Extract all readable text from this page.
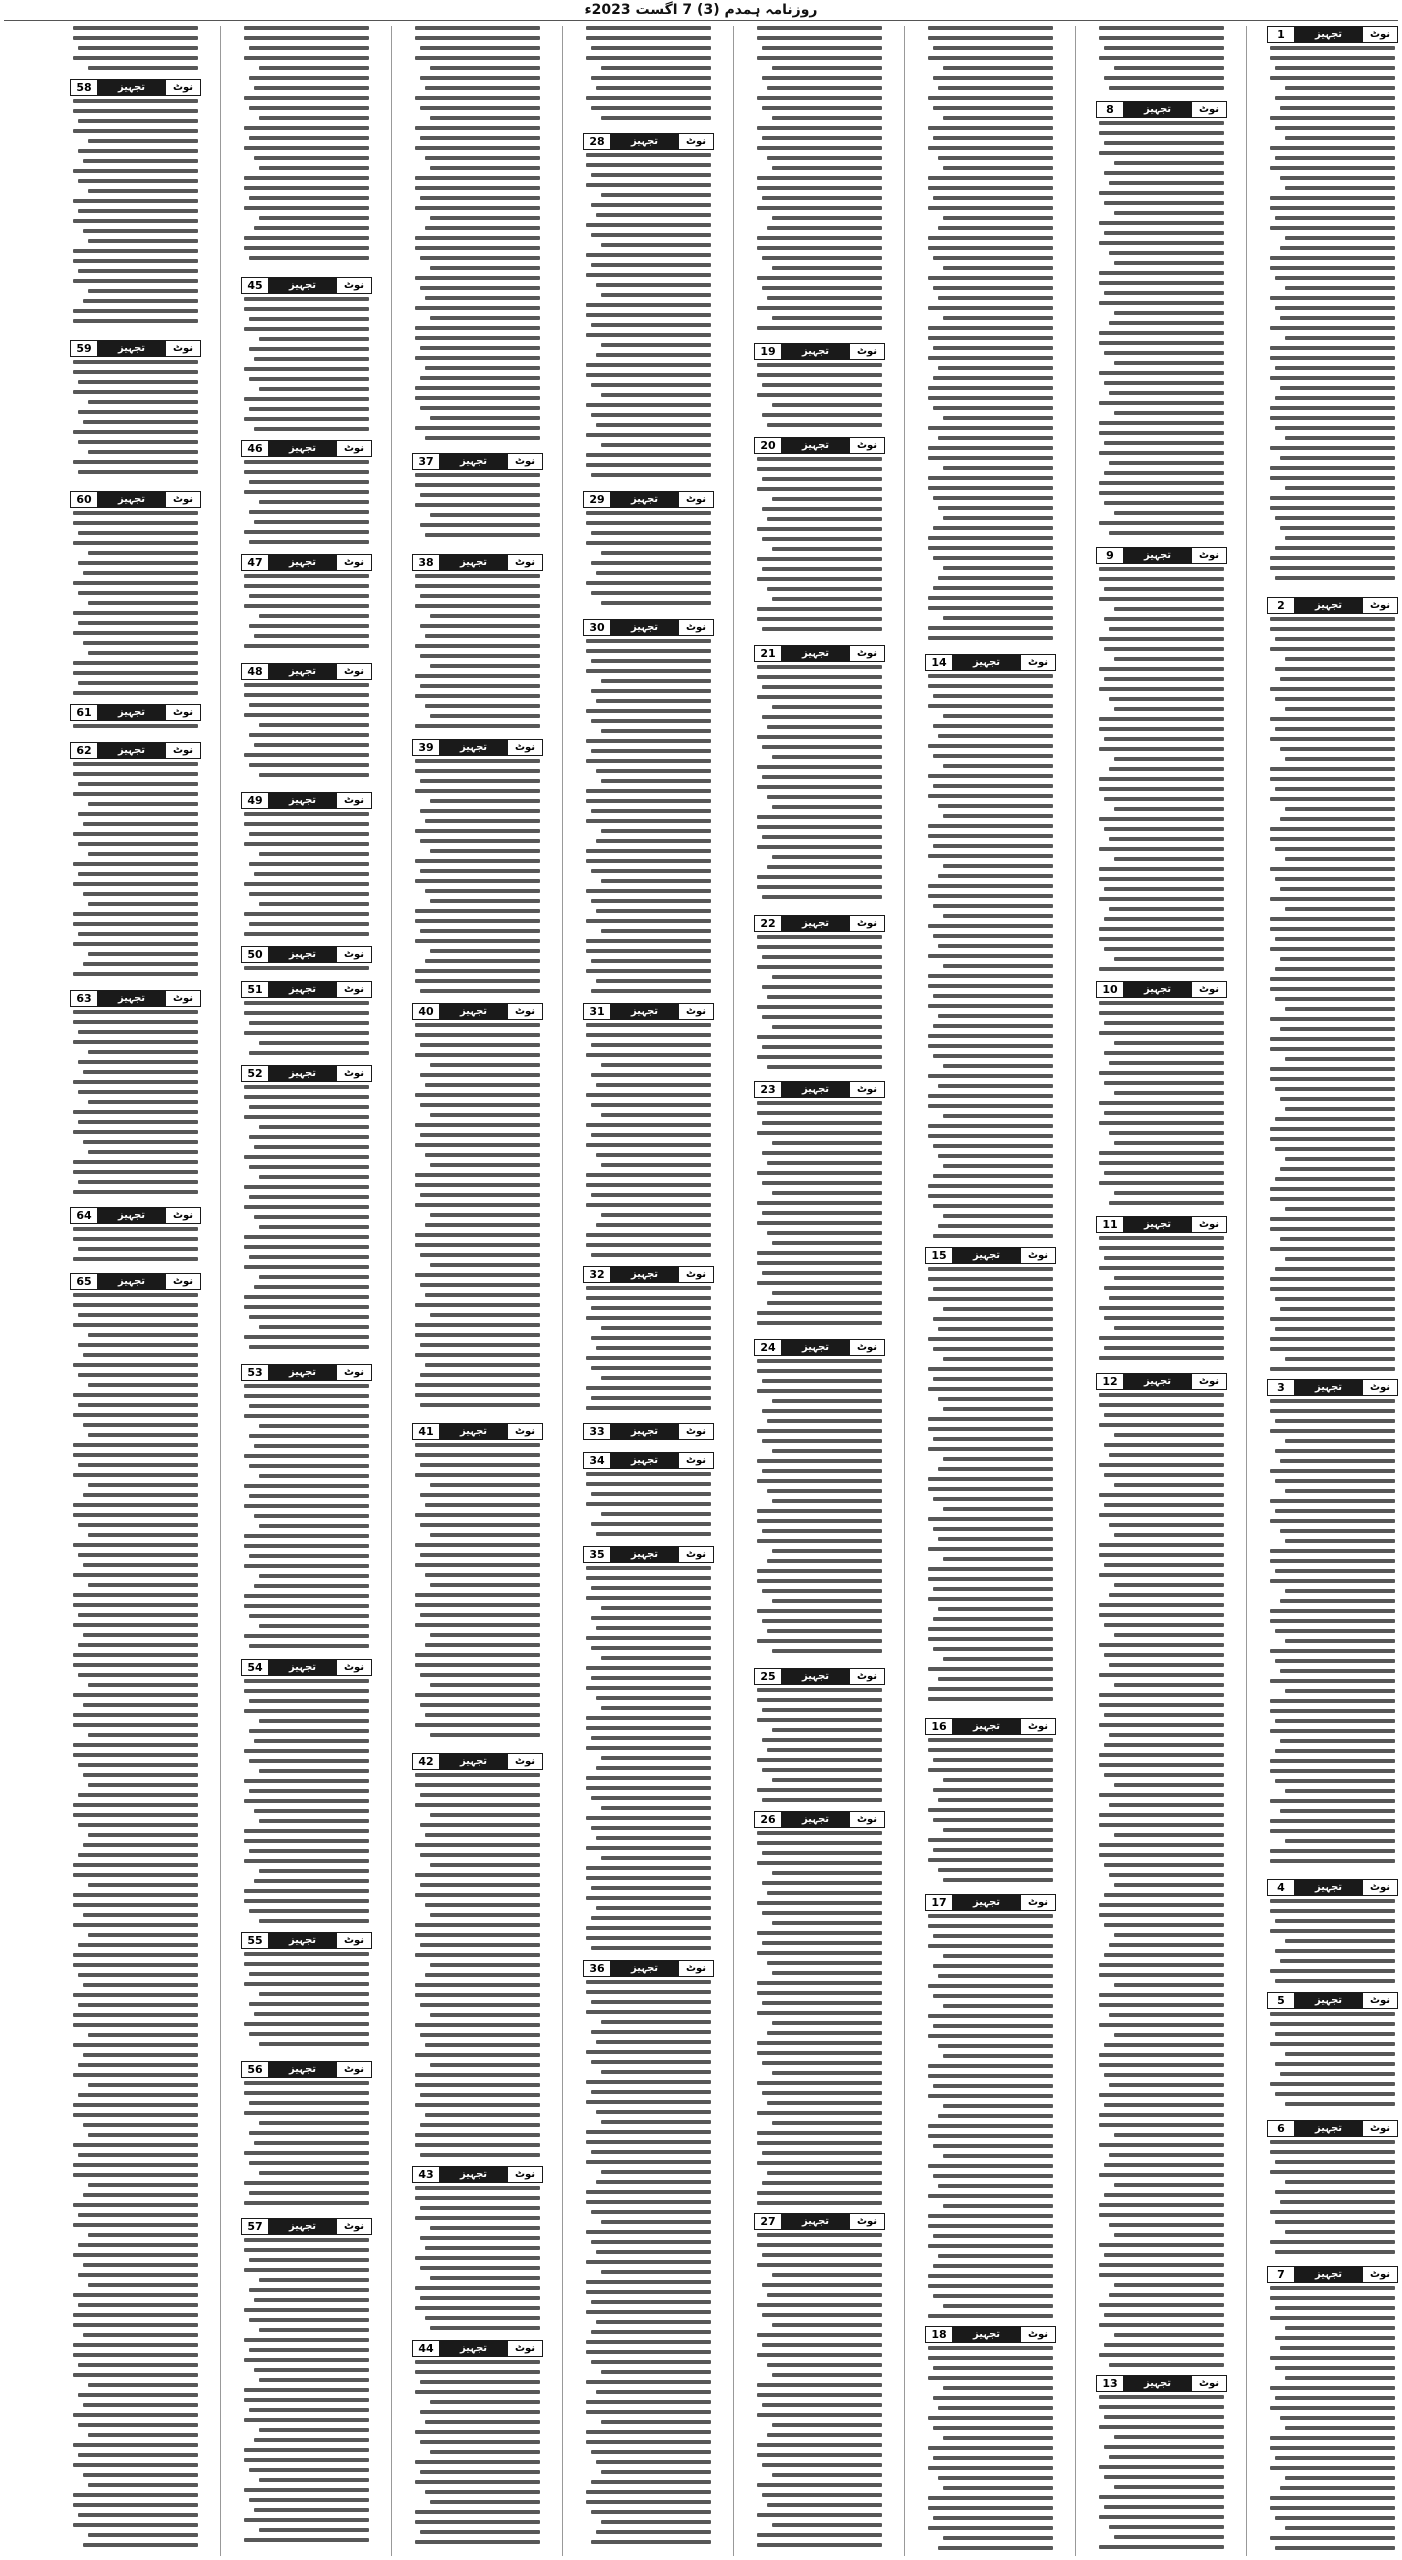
روزنامہ ہمدم (3) 7 اگست 2023ء
1	تجہیز	نوٹ
2	تجہیز	نوٹ
3	تجہیز	نوٹ
4	تجہیز	نوٹ
5	تجہیز	نوٹ
6	تجہیز	نوٹ
7	تجہیز	نوٹ
8	تجہیز	نوٹ
9	تجہیز	نوٹ
10	تجہیز	نوٹ
11	تجہیز	نوٹ
12	تجہیز	نوٹ
13	تجہیز	نوٹ
14	تجہیز	نوٹ
15	تجہیز	نوٹ
16	تجہیز	نوٹ
17	تجہیز	نوٹ
18	تجہیز	نوٹ
19	تجہیز	نوٹ
20	تجہیز	نوٹ
21	تجہیز	نوٹ
22	تجہیز	نوٹ
23	تجہیز	نوٹ
24	تجہیز	نوٹ
25	تجہیز	نوٹ
26	تجہیز	نوٹ
27	تجہیز	نوٹ
28	تجہیز	نوٹ
29	تجہیز	نوٹ
30	تجہیز	نوٹ
31	تجہیز	نوٹ
32	تجہیز	نوٹ
33	تجہیز	نوٹ
34	تجہیز	نوٹ
35	تجہیز	نوٹ
36	تجہیز	نوٹ
37	تجہیز	نوٹ
38	تجہیز	نوٹ
39	تجہیز	نوٹ
40	تجہیز	نوٹ
41	تجہیز	نوٹ
42	تجہیز	نوٹ
43	تجہیز	نوٹ
44	تجہیز	نوٹ
45	تجہیز	نوٹ
46	تجہیز	نوٹ
47	تجہیز	نوٹ
48	تجہیز	نوٹ
49	تجہیز	نوٹ
50	تجہیز	نوٹ
51	تجہیز	نوٹ
52	تجہیز	نوٹ
53	تجہیز	نوٹ
54	تجہیز	نوٹ
55	تجہیز	نوٹ
56	تجہیز	نوٹ
57	تجہیز	نوٹ
58	تجہیز	نوٹ
59	تجہیز	نوٹ
60	تجہیز	نوٹ
61	تجہیز	نوٹ
62	تجہیز	نوٹ
63	تجہیز	نوٹ
64	تجہیز	نوٹ
65	تجہیز	نوٹ
